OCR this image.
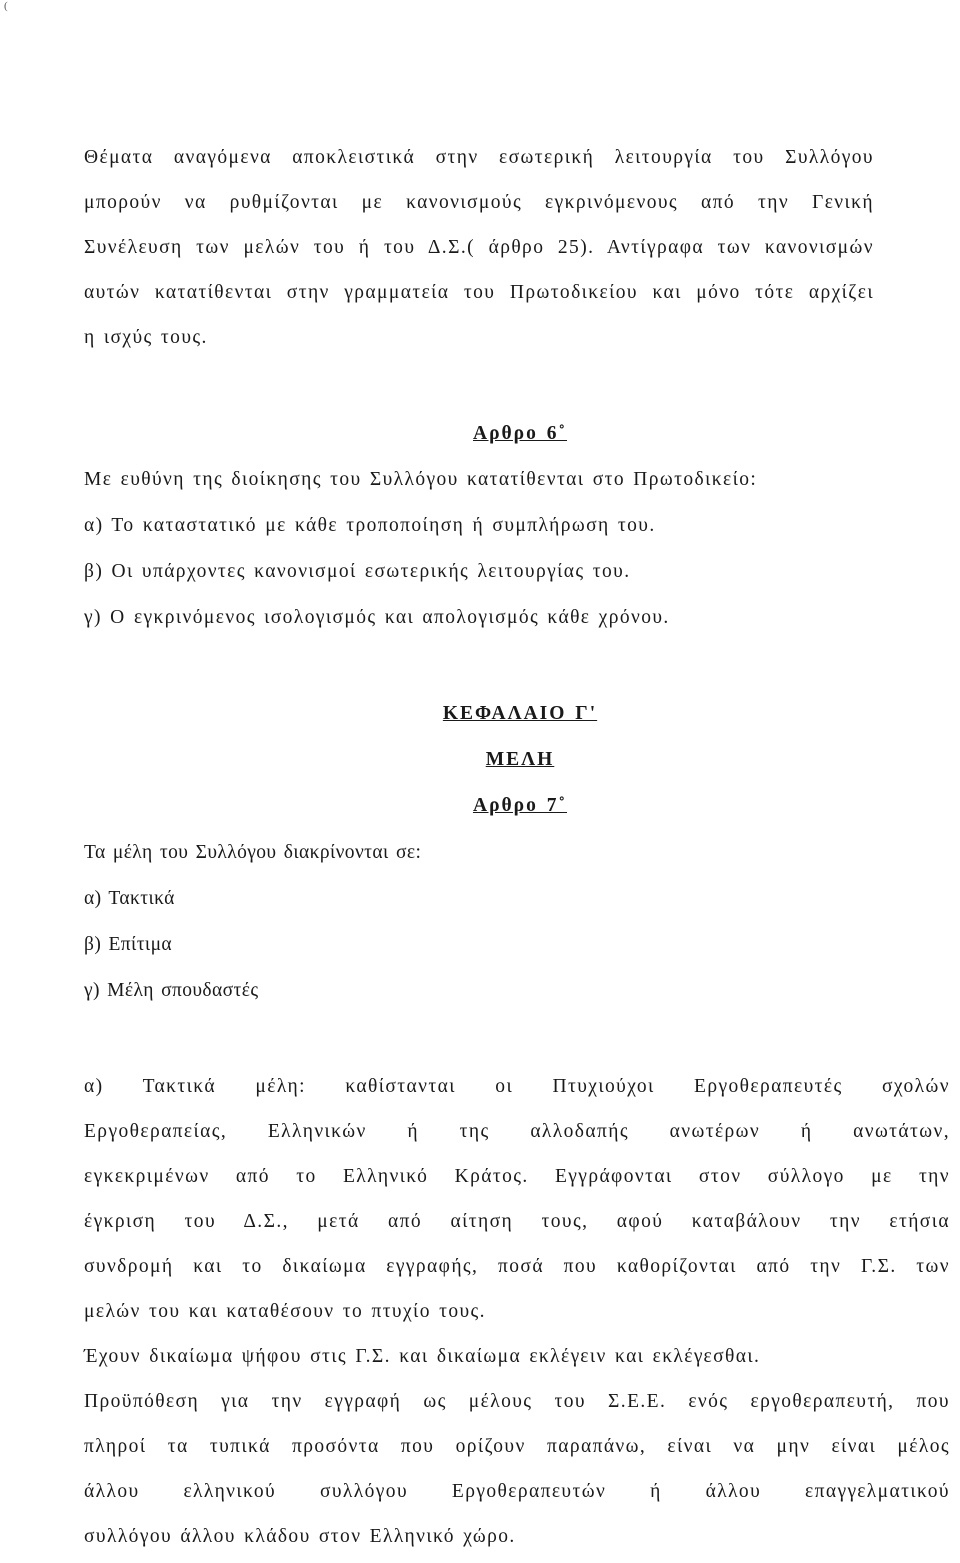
(
Θέματα αναγόμενα αποκλειστικά στην εσωτερική λειτουργία του Συλλόγου
μπορούν να ρυθμίζονται με κανονισμούς εγκρινόμενους από την Γενική
Συνέλευση των μελών του ή του Δ.Σ.( άρθρο 25). Αντίγραφα των κανονισμών
αυτών κατατίθενται στην γραμματεία του Πρωτοδικείου και μόνο τότε αρχίζει
η ισχύς τους.
Αρθρο 6˚
Με ευθύνη της διοίκησης του Συλλόγου κατατίθενται στο Πρωτοδικείο:
α) Το καταστατικό με κάθε τροποποίηση ή συμπλήρωση του.
β) Οι υπάρχοντες κανονισμοί εσωτερικής λειτουργίας του.
γ) Ο εγκρινόμενος ισολογισμός και απολογισμός κάθε χρόνου.
ΚΕΦΑΛΑΙΟ Γ'
ΜΕΛΗ
Αρθρο 7˚
Τα μέλη του Συλλόγου διακρίνονται σε:
α) Τακτικά
β) Επίτιμα
γ) Μέλη σπουδαστές
α) Τακτικά μέλη: καθίστανται οι Πτυχιούχοι Εργοθεραπευτές σχολών
Εργοθεραπείας, Ελληνικών ή της αλλοδαπής ανωτέρων ή ανωτάτων,
εγκεκριμένων από το Ελληνικό Κράτος. Εγγράφονται στον σύλλογο με την
έγκριση του Δ.Σ., μετά από αίτηση τους, αφού καταβάλουν την ετήσια
συνδρομή και το δικαίωμα εγγραφής, ποσά που καθορίζονται από την Γ.Σ. των
μελών του και καταθέσουν το πτυχίο τους.
Έχουν δικαίωμα ψήφου στις Γ.Σ. και δικαίωμα εκλέγειν και εκλέγεσθαι.
Προϋπόθεση για την εγγραφή ως μέλους του Σ.Ε.Ε. ενός εργοθεραπευτή, που
πληροί τα τυπικά προσόντα που ορίζουν παραπάνω, είναι να μην είναι μέλος
άλλου ελληνικού συλλόγου Εργοθεραπευτών ή άλλου επαγγελματικού
συλλόγου άλλου κλάδου στον Ελληνικό χώρο.
